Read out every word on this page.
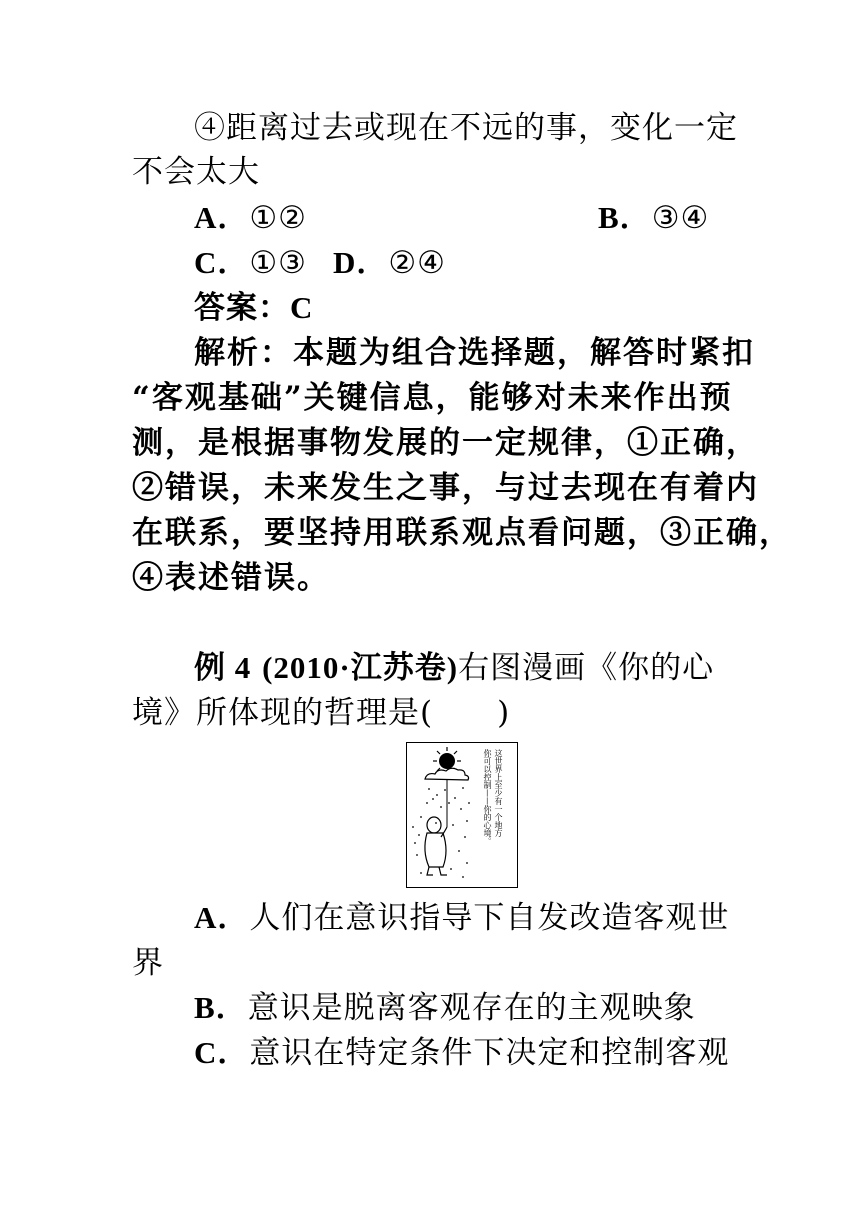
④距离过去或现在不远的事，变化一定
不会太大
A．①②	B．③④
C．①③ D．②④
答案：C
解析：本题为组合选择题，解答时紧扣
“客观基础”关键信息，能够对未来作出预
测，是根据事物发展的一定规律，①正确，
②错误，未来发生之事，与过去现在有着内
在联系，要坚持用联系观点看问题，③正确，
④表述错误。
例 4 (2010·江苏卷)右图漫画《你的心
境》所体现的哲理是(　　)
这世界上至少有一个地方
你可以控制——你的心境。
A．人们在意识指导下自发改造客观世
界
B．意识是脱离客观存在的主观映象
C．意识在特定条件下决定和控制客观
